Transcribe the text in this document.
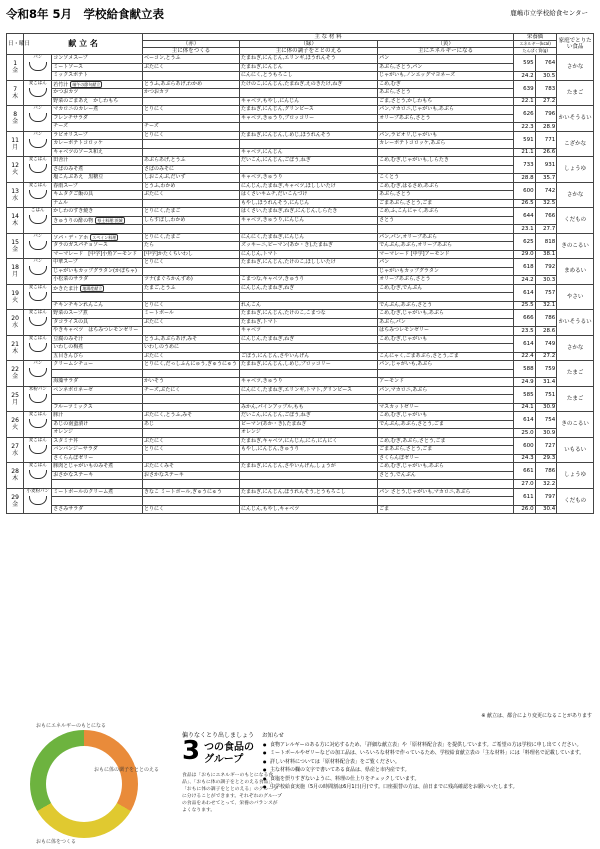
令和8年 5月　学校給食献立表	鹿嶋市立学校給食センター
日・曜日	献 立 名		主 な 材 料			栄養価		家庭でとりたい食品
			（赤）	（緑）	（黄）	エネルギー(kcal)		
			主に体をつくる	主に体の調子をととのえる	主にエネルギーになる	たんぱく質(g)		

1
金	パン	コンソメスープ	ベーコン,とうふ	たまねぎ,にんじん,エリンギ,ほうれんそう	パン	595	764	さかな
		ミートソース	ぶたにく	たまねぎ,にんじん	あぶら,さとう,パン			
		ミックスポテト		にんにく,とうもろこし	じゃがいも,ノンエッグマヨネーズ	24.2	30.5	

7
木	麦ごはん	若竹汁 端午の節句献立	とうふ,あぶらあげ,わかめ	たけのこ,にんじん,たまねぎ,えのきたけ,ねぎ	こめ,むぎ	639	783	たまご
		かつおカツ	かつおカツ		あぶら,さとう			
		野菜のごまあえ　かしわもち		キャベツ,もやし,にんじん	ごま,さとう,かしわもち	22.1	27.2	

8
金	パン	マカロニのカレー煮	とりにく	たまねぎ,にんじん,グリンピース	パン,マカロニ,じゃがいも,あぶら	626	796	かいそうるい
		フレンチサラダ		キャベツ,きゅうり,ブロッコリー	オリーブあぶら,さとう			
		チーズ	チーズ			22.3	28.9	

11
月	パン	ラビオリスープ	とりにく	たまねぎ,にんじん,しめじ,ほうれんそう	パン,ラビオリ,じゃがいも	591	771	こざかな
		カレーポテトコロッケ			カレーポテトコロッケ,あぶら			
		キャベツのソース和え		キャベツ,にんじん		21.1	26.6	

12
火	麦ごはん	田舎汁	あぶらあげ,とうふ	だいこん,にんじん,ごぼう,ねぎ	こめ,むぎ,じゃがいも,しらたき	733	931	しょうゆ
		さばのみそ煮	さばのみそに					
		塩こんぶあえ　黒糖豆	しおこんぶ,だいず	キャベツ,きゅうり	こくとう	28.8	35.7	

13
水	麦ごはん	春雨スープ	とうふ,わかめ	にんじん,たまねぎ,キャベツ,ほししいたけ	こめ,むぎ,はるさめ,あぶら	600	742	さかな
		キムタクご飯の具	ぶたにく	はくさいキムチ,だいこんづけ	あぶら,さとう			
		ナムル		もやし,ほうれんそう,にんじん	ごまあぶら,さとう,ごま	26.5	32.5	

14
木	ごはん	かしわのすき焼き	とりにく,たまご	はくさい,たまねぎ,ねぎ,にんじん,しらたき	こめ,ふ,こんにゃく,あぶら	644	766	くだもの
		きゅうりの酢の物 県土料理:茨城	しらすぼし,わかめ	キャベツ,きゅうり,にんじん	さとう			
						23.1	27.7	

15
金	パン	ソパ・デ・アホ スペイン料理	とりにく,たまご	にんにく,たまねぎ,にんじん	パン,パン,オリーブあぶら	625	818	きのこるい
		タラのガスパチョソース	たら	ズッキーニ,ピーマン(あか・き),たまねぎ	でんぷん,あぶら,オリーブあぶら			
		マーマレード　[中学]小魚アーモンド	[中学]かたくちいわし	にんじん,トマト	マーマレード [中学]アーモンド	29.0	38.1	

18
月	パン	中華スープ	とりにく	たまねぎ,にんじん,たけのこ,ほししいたけ	パン	618	792	まめるい
		じゃがいもカップグラタン(かぼちゃ)			じゃがいもカップグラタン			
		小松菜のサラダ	ツナ(まぐろかんずめ)	こまつな,キャベツ,きゅうり	オリーブあぶら,さとう	24.2	30.3	

19
火	麦ごはん	かきたま汁 地場産献立	たまご,とうふ	にんじん,たまねぎ,ねぎ	こめ,むぎ,でんぷん	614	757	やさい

		チキンチキンれんこん	とりにく	れんこん	でんぷん,あぶら,さとう	25.5	32.1	

20
水	麦ごはん	野菜のスープ煮	ミートボール	たまねぎ,にんじん,たけのこ,こまつな	こめ,むぎ,じゃがいも,あぶら	666	786	かいそうるい
		タコライスの具	ぶたにく	たまねぎ,トマト	あぶら,パン			
		やきキャベツ　はちみつレモンゼリー		キャベツ	はちみつレモンゼリー	23.5	28.6	

21
木	麦ごはん	豆腐のみそ汁	とうふ,あぶらあげ,みそ	にんじん,たまねぎ,ねぎ	こめ,むぎ,じゃがいも	614	749	さかな
		いわしの梅煮	いわしのうめに					
		五目きんぴら	ぶたにく	ごぼう,にんじん,さやいんげん	こんにゃく,ごまあぶら,さとう,ごま	22.4	27.2	

22
金	パン	クリームシチュー	とりにく,だっしふんにゅう,ぎゅうにゅう	たまねぎ,にんじん,しめじ,ブロッコリー	パン,じゃがいも,あぶら	588	759	たまご

		海藻サラダ	かいそう	キャベツ,きゅうり	アーモンド	24.9	31.4	

25
月	米粉パン	ペンネボロネーゼ	チーズ,ぶたにく	にんにく,たまねぎ,エリンギ,トマト,グリンピース	パン,マカロニ,あぶら	585	751	たまご

		フルーツミックス		みかん,パインアップル,もも	マスカットゼリー	24.1	30.9	

26
火	麦ごはん	豚汁	ぶたにく,とうふ,みそ	だいこん,にんじん,ごぼう,ねぎ	こめ,むぎ,じゃがいも	614	754	きのこるい
		あじの南蛮漬け	あじ	ピーマン(あか・き),たまねぎ	でんぷん,あぶら,さとう,ごま			
		オレンジ		オレンジ		25.0	30.9	

27
水	麦ごはん	スタミナ丼	ぶたにく	たまねぎ,キャベツ,にんじん,にら,にんにく	こめ,むぎ,あぶら,さとう,ごま	600	727	いもるい
		バンバンジーサラダ	とりにく	もやし,にんじん,きゅうり	ごまあぶら,さとう,ごま			
		さくらんぼゼリー			さくらんぼゼリー	24.3	29.3	

28
木	麦ごはん	豚肉とじゃがいものみそ煮	ぶたにくみそ	たまねぎ,にんじん,さやいんげん,しょうが	こめ,むぎ,じゃがいも,あぶら	661	786	しょうゆ
		おさかなステーキ	おさかなステーキ		さとう,でんぷん			
						27.0	32.2	

29
金	小麦粉パン	ミートボールのクリーム煮	きなこ ミートボール,ぎゅうにゅう	たまねぎ,にんじん,ほうれんそう,とうもろこし	パン さとう,じゃがいも,マカロニ,あぶら	611	797	くだもの

		ささみサラダ	とりにく	にんじん,もやし,キャベツ	ごま	26.0	30.4	
※ 献立は、都合により変更になることがあります
おもにエネルギーのもとになる
おもに体の調子をととのえる
おもに体をつくる
偏りなくとり出しましょう
3 つの食品の
グループ
食品は「おもにエネルギーのもとになる食品」、「おもに体の調子をととのえる食品」、「おもに体の調子をととのえる」のグループに分けることができます。それぞれのグループの食品をあわせてとって、栄養のバランスがよくなります。
お知らせ
● 食物アレルギーのある方に対応するため、「詳細な献立表」や「原材料配合表」を提供しています。ご希望の方は学校に申し出てください。
● ミートボールやゼリーなどの加工品は、いろいろな材料で作っているため、学校給食献立表の「主な材料」には「料理名で記載しています。
● 詳しい材料については「原材料配合表」をご覧ください。
● 主な材料の欄の文字で書いてある食品は、県産と市内産です。
● 食塩を摂りすぎないように、料理の仕上りをチェックしています。
● 中学校給食実施（5月の時間割は6月1日(月)です。口座振替の方は、前日までに残高確認をお願いいたします。
